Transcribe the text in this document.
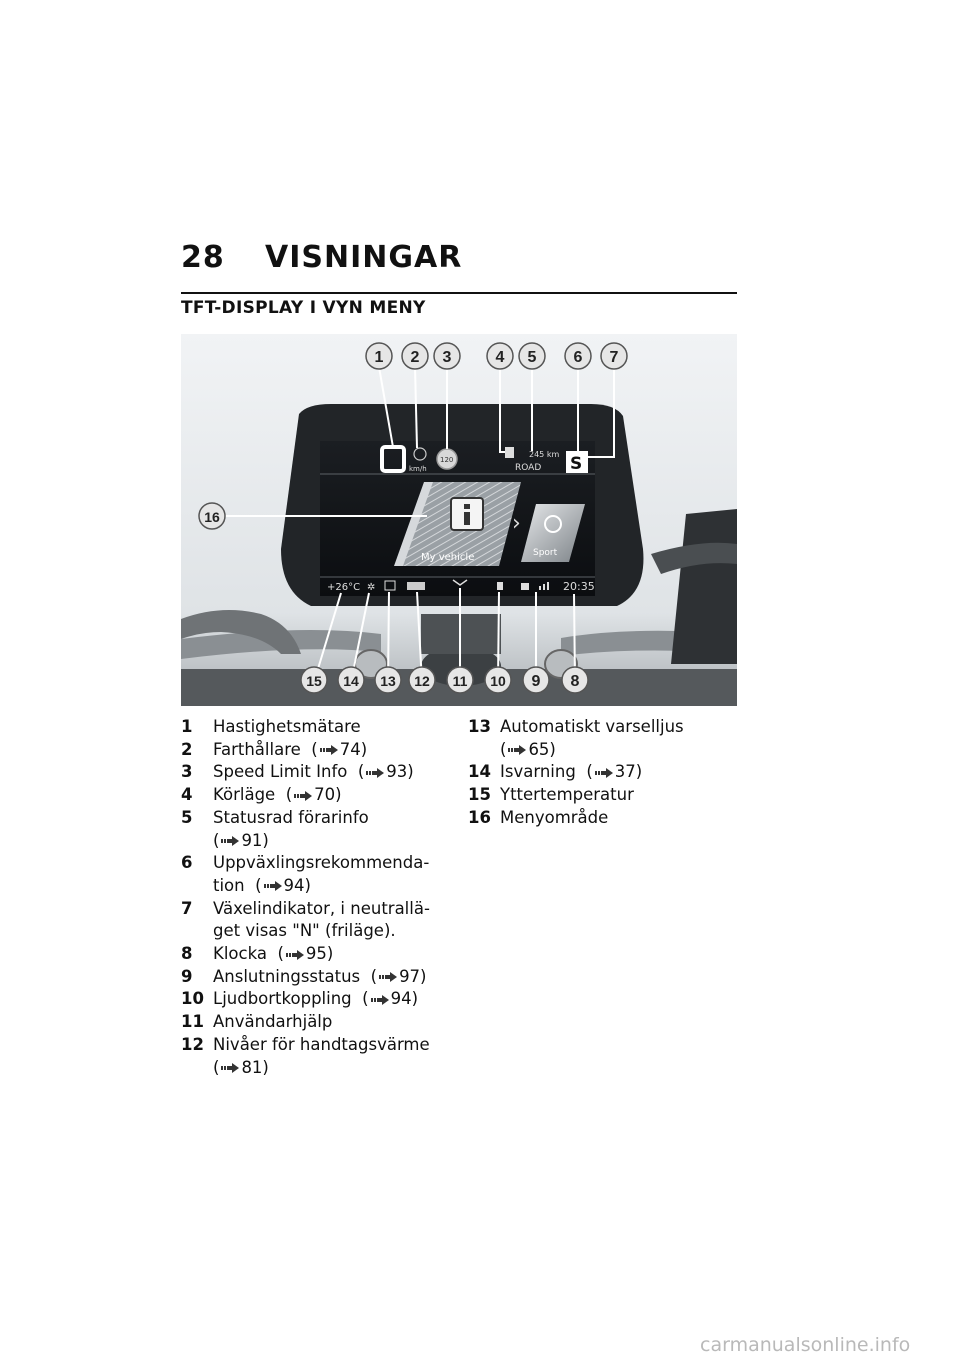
28 VISNINGAR
TFT-DISPLAY I VYN MENY
km/h
120
245 km
ROAD S
My vehicle
›
Sport
+26°C ✲	20:35
1 2 3	4 5 6 7
8
9
10
11
12
13
14
15
16
1	Hastighetsmätare
2	Farthållare ( 74)
3	Speed Limit Info ( 93)
4	Körläge ( 70)
5	Statusrad förarinfo
( 91)
6	Uppväxlingsrekommenda-
tion ( 94)
7	Växelindikator, i neutrallä-
get visas "N" (friläge).
8	Klocka ( 95)
9	Anslutningsstatus ( 97)
10 Ljudbortkoppling ( 94)
11 Användarhjälp
12 Nivåer för handtagsvärme
( 81)
13 Automatiskt varselljus
( 65)
14 Isvarning ( 37)
15 Yttertemperatur
16 Menyområde
carmanualsonline.info
